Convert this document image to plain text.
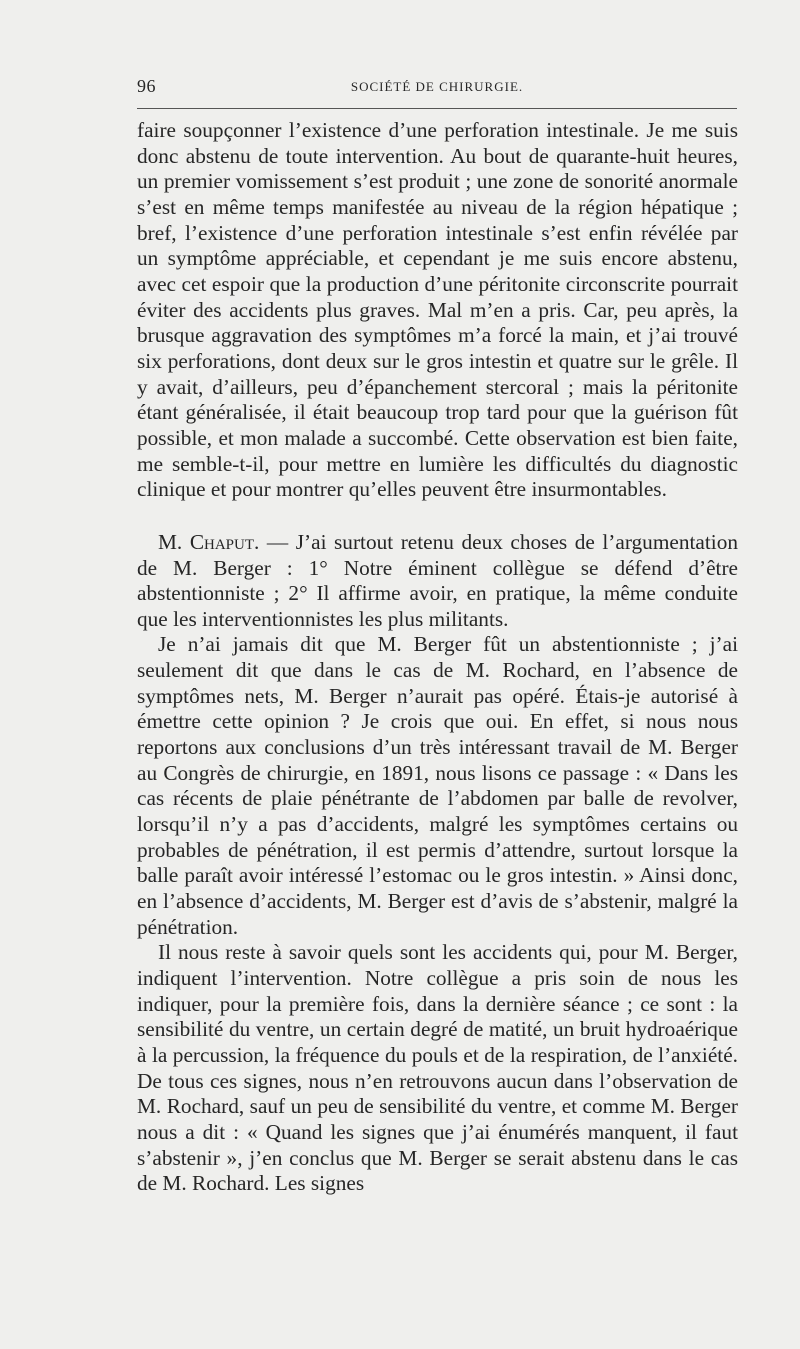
96	SOCIÉTÉ DE CHIRURGIE.

faire soupçonner l’existence d’une perforation intestinale. Je me suis donc abstenu de toute intervention. Au bout de quarante-huit heures, un premier vomissement s’est produit ; une zone de sonorité anormale s’est en même temps manifestée au niveau de la région hépatique ; bref, l’existence d’une perforation intestinale s’est enfin révélée par un symptôme appréciable, et cependant je me suis encore abstenu, avec cet espoir que la production d’une péritonite circonscrite pourrait éviter des accidents plus graves. Mal m’en a pris. Car, peu après, la brusque aggravation des symptômes m’a forcé la main, et j’ai trouvé six perforations, dont deux sur le gros intestin et quatre sur le grêle. Il y avait, d’ailleurs, peu d’épanchement stercoral ; mais la péritonite étant généralisée, il était beaucoup trop tard pour que la guérison fût possible, et mon malade a succombé. Cette observation est bien faite, me semble-t-il, pour mettre en lumière les difficultés du diagnostic clinique et pour montrer qu’elles peuvent être insurmontables.

M. Chaput. — J’ai surtout retenu deux choses de l’argumentation de M. Berger : 1° Notre éminent collègue se défend d’être abstentionniste ; 2° Il affirme avoir, en pratique, la même conduite que les interventionnistes les plus militants.

Je n’ai jamais dit que M. Berger fût un abstentionniste ; j’ai seulement dit que dans le cas de M. Rochard, en l’absence de symptômes nets, M. Berger n’aurait pas opéré. Étais-je autorisé à émettre cette opinion ? Je crois que oui. En effet, si nous nous reportons aux conclusions d’un très intéressant travail de M. Berger au Congrès de chirurgie, en 1891, nous lisons ce passage : « Dans les cas récents de plaie pénétrante de l’abdomen par balle de revolver, lorsqu’il n’y a pas d’accidents, malgré les symptômes certains ou probables de pénétration, il est permis d’attendre, surtout lorsque la balle paraît avoir intéressé l’estomac ou le gros intestin. » Ainsi donc, en l’absence d’accidents, M. Berger est d’avis de s’abstenir, malgré la pénétration.

Il nous reste à savoir quels sont les accidents qui, pour M. Berger, indiquent l’intervention. Notre collègue a pris soin de nous les indiquer, pour la première fois, dans la dernière séance ; ce sont : la sensibilité du ventre, un certain degré de matité, un bruit hydroaérique à la percussion, la fréquence du pouls et de la respiration, de l’anxiété. De tous ces signes, nous n’en retrouvons aucun dans l’observation de M. Rochard, sauf un peu de sensibilité du ventre, et comme M. Berger nous a dit : « Quand les signes que j’ai énumérés manquent, il faut s’abstenir », j’en conclus que M. Berger se serait abstenu dans le cas de M. Rochard. Les signes
